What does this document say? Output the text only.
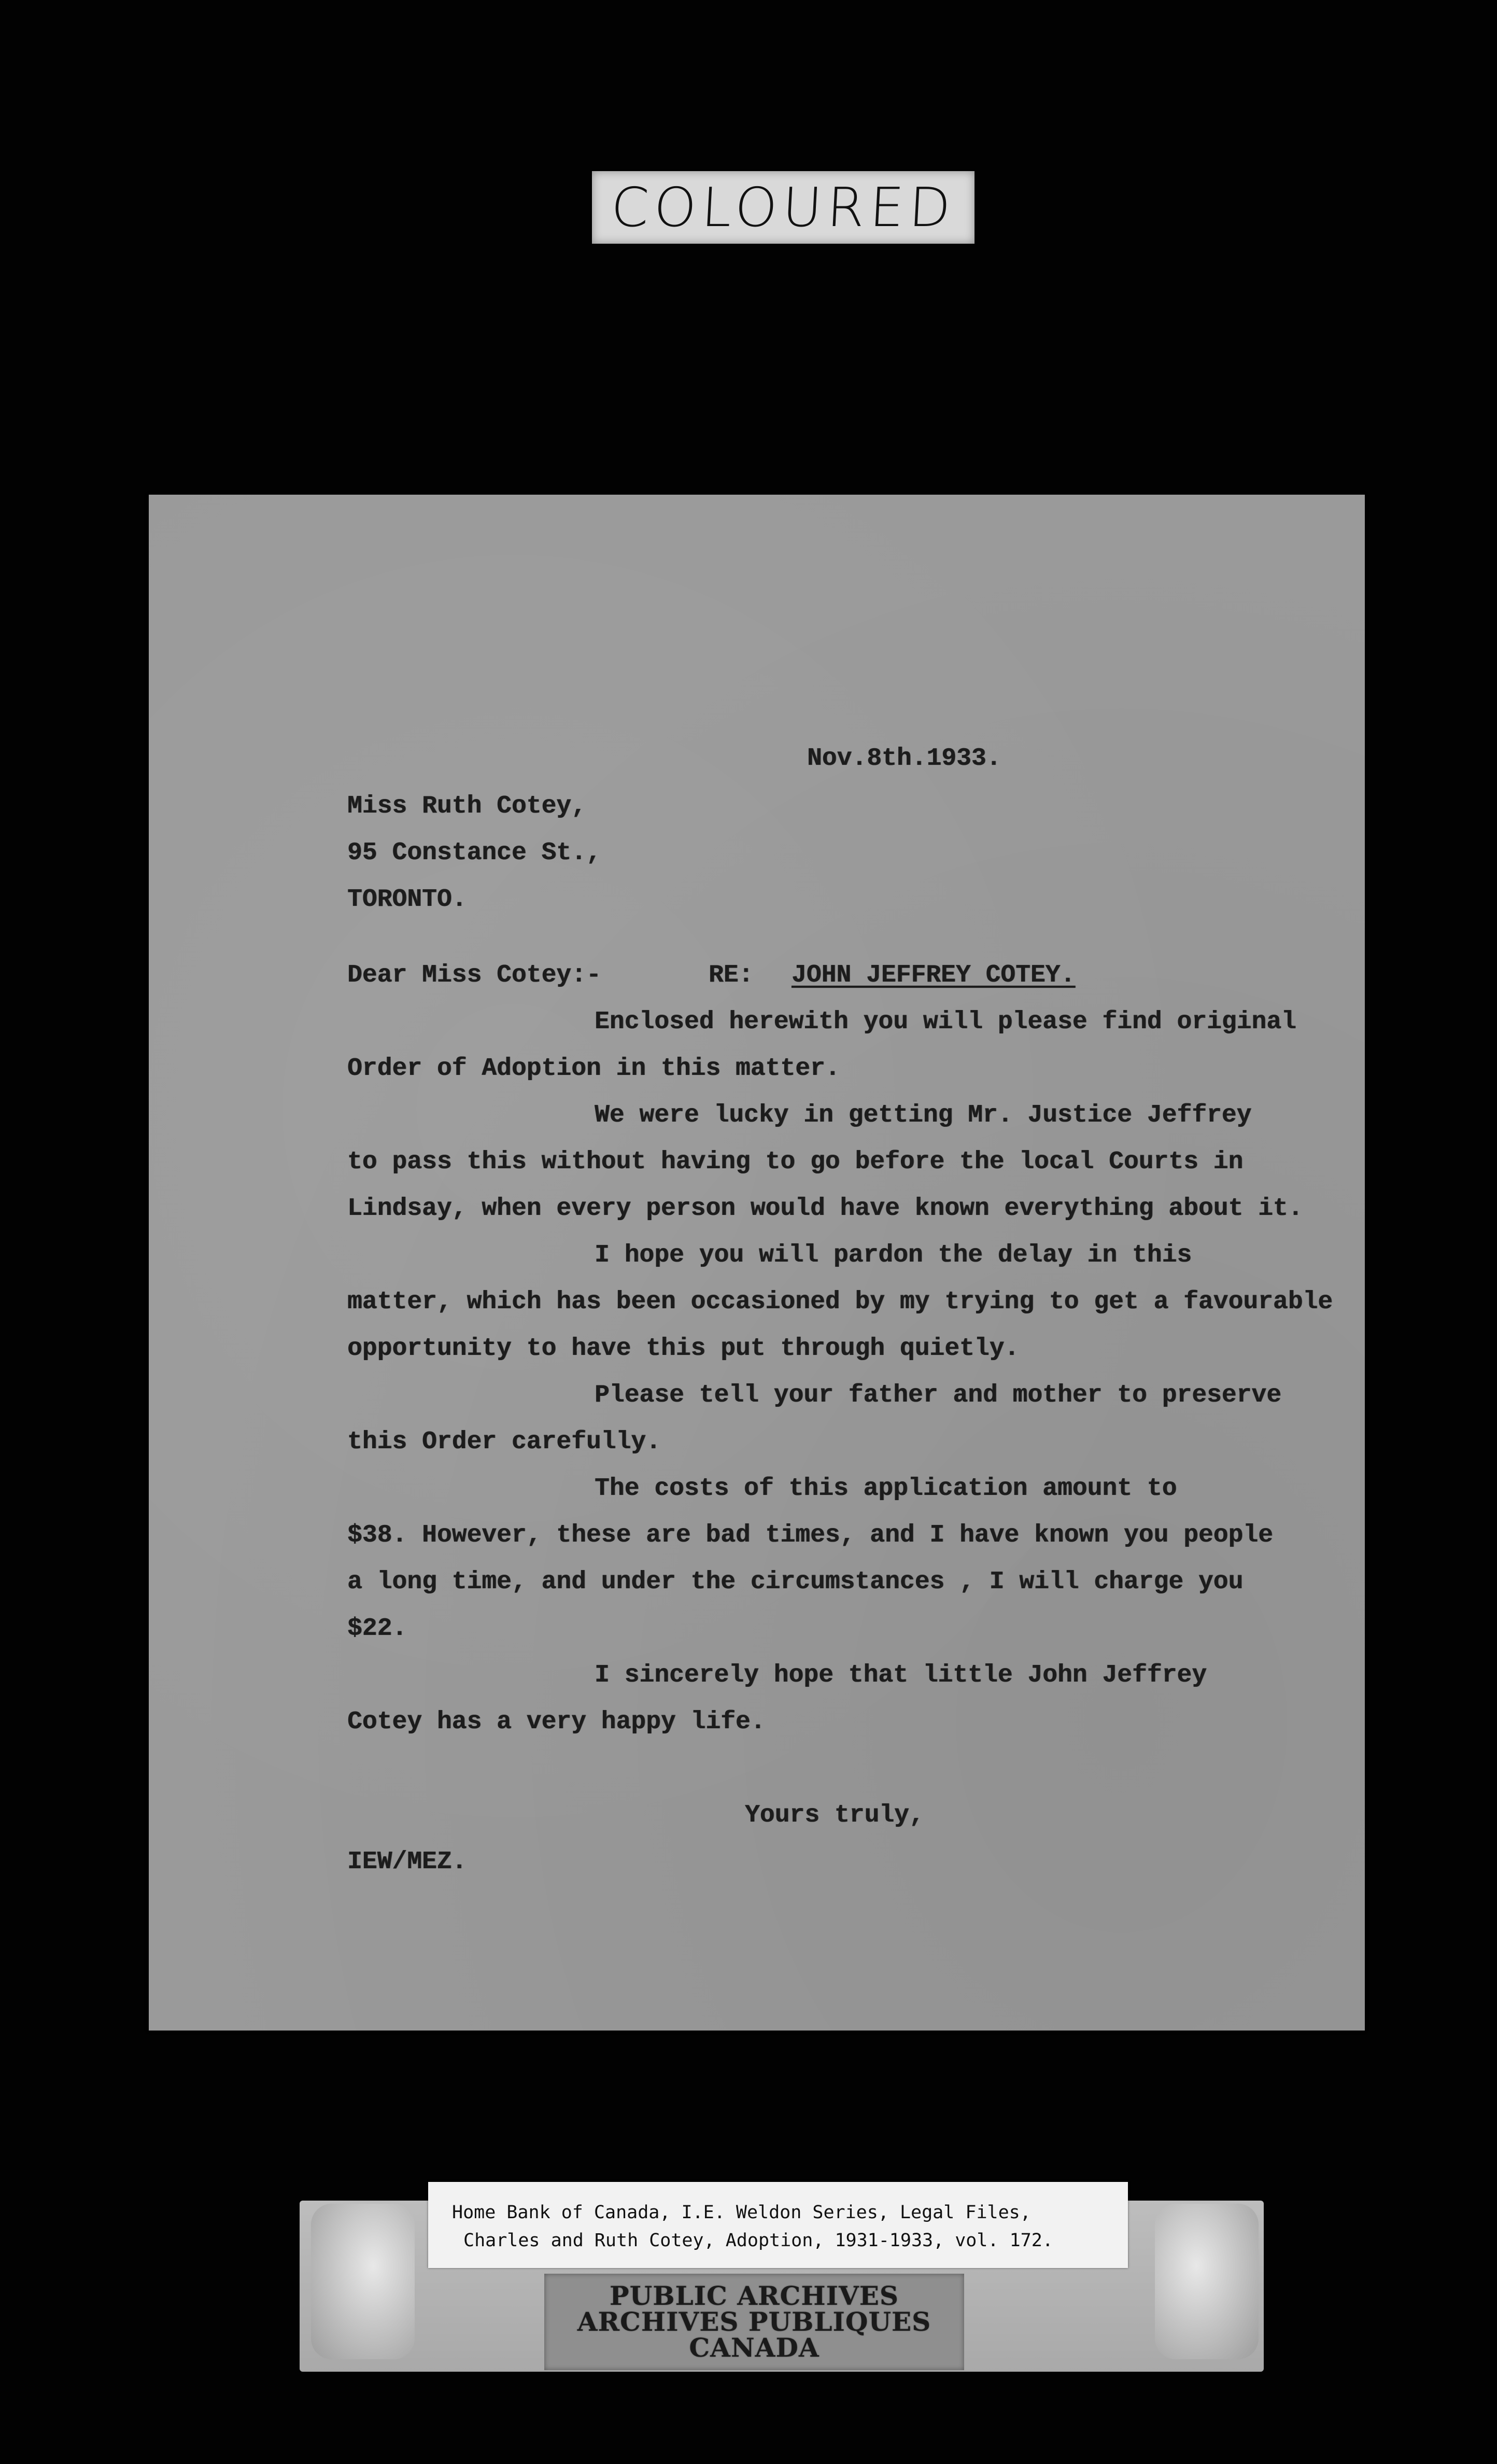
COLOURED
Nov.8th.1933.
Miss Ruth Cotey,
95 Constance St.,
TORONTO.
Dear Miss Cotey:-	RE: JOHN JEFFREY COTEY.
Enclosed herewith you will please find original
Order of Adoption in this matter.
We were lucky in getting Mr. Justice Jeffrey
to pass this without having to go before the local Courts in
Lindsay, when every person would have known everything about it.
I hope you will pardon the delay in this
matter, which has been occasioned by my trying to get a favourable
opportunity to have this put through quietly.
Please tell your father and mother to preserve
this Order carefully.
The costs of this application amount to
$38. However, these are bad times, and I have known you people
a long time, and under the circumstances , I will charge you
$22.
I sincerely hope that little John Jeffrey
Cotey has a very happy life.
Yours truly,
IEW/MEZ.
Home Bank of Canada, I.E. Weldon Series, Legal Files,
Charles and Ruth Cotey, Adoption, 1931-1933, vol. 172.
PUBLIC ARCHIVES
ARCHIVES PUBLIQUES
CANADA
